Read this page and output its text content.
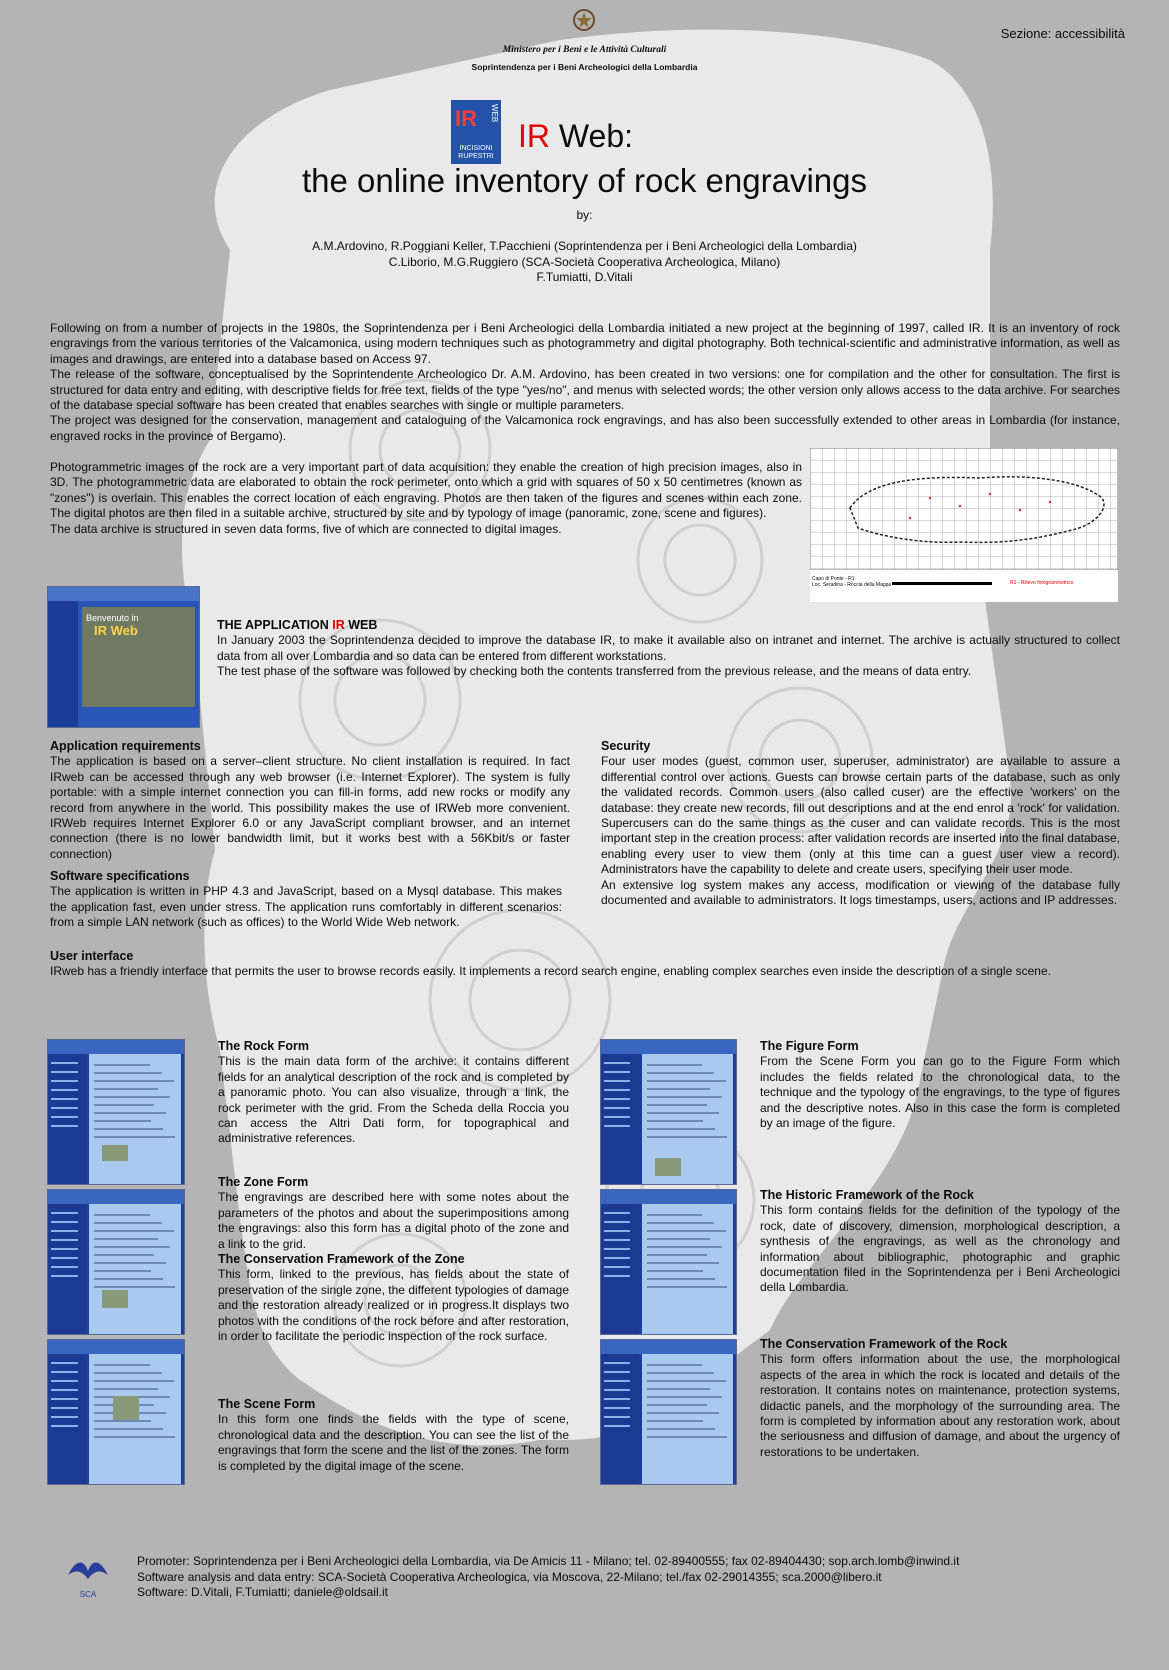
Sezione: accessibilità
Ministero per i Beni e le Attività Culturali
Soprintendenza per i Beni Archeologici della Lombardia
IR WEB
INCISIONI RUPESTRI
IR Web:
the online inventory of rock engravings
by:
A.M.Ardovino, R.Poggiani Keller, T.Pacchieni (Soprintendenza per i Beni Archeologici della Lombardia)
C.Liborio, M.G.Ruggiero (SCA-Società Cooperativa Archeologica, Milano)
F.Tumiatti, D.Vitali

Following on from a number of projects in the 1980s, the Soprintendenza per i Beni Archeologici della Lombardia initiated a new project at the beginning of 1997, called IR. It is an inventory of rock engravings from the various territories of the Valcamonica, using modern techniques such as photogrammetry and digital photography. Both technical-scientific and administrative information, as well as images and drawings, are entered into a database based on Access 97.

The release of the software, conceptualised by the Soprintendente Archeologico Dr. A.M. Ardovino, has been created in two versions: one for compilation and the other for consultation. The first is structured for data entry and editing, with descriptive fields for free text, fields of the type "yes/no", and menus with selected words; the other version only allows access to the data archive. For searches of the database special software has been created that enables searches with single or multiple parameters.

The project was designed for the conservation, management and cataloguing of the Valcamonica rock engravings, and has also been successfully extended to other areas in Lombardia (for instance, engraved rocks in the province of Bergamo).

Photogrammetric images of the rock are a very important part of data acquisition: they enable the creation of high precision images, also in 3D. The photogrammetric data are elaborated to obtain the rock perimeter, onto which a grid with squares of 50 x 50 centimetres (known as "zones") is overlain. This enables the correct location of each engraving. Photos are then taken of the figures and scenes within each zone. The digital photos are then filed in a suitable archive, structured by site and by typology of image (panoramic, zone, scene and figures).

The data archive is structured in seven data forms, five of which are connected to digital images.

Capo di Ponte - R1
Loc. Seradina - Roccia della Mappa	R1 - Rilievo fotogrammetrico
Benvenuto in
IR Web	THE APPLICATION IR WEB

In January 2003 the Soprintendenza decided to improve the database IR, to make it available also on intranet and internet. The archive is actually structured to collect data from all over Lombardia and so data can be entered from different workstations.

The test phase of the software was followed by checking both the contents transferred from the previous release, and the means of data entry.

Application requirements

The application is based on a server–client structure. No client installation is required. In fact IRweb can be accessed through any web browser (i.e. Internet Explorer). The system is fully portable: with a simple internet connection you can fill-in forms, add new rocks or modify any record from anywhere in the world. This possibility makes the use of IRWeb more convenient. IRWeb requires Internet Explorer 6.0 or any JavaScript compliant browser, and an internet connection (there is no lower bandwidth limit, but it works best with a 56Kbit/s or faster connection)

Software specifications

The application is written in PHP 4.3 and JavaScript, based on a Mysql database. This makes the application fast, even under stress. The application runs comfortably in different scenarios: from a simple LAN network (such as offices) to the World Wide Web network.

Security

Four user modes (guest, common user, superuser, administrator) are available to assure a differential control over actions. Guests can browse certain parts of the database, such as only the validated records. Common users (also called cuser) are the effective 'workers' on the database: they create new records, fill out descriptions and at the end enrol a 'rock' for validation. Supercusers can do the same things as the cuser and can validate records. This is the most important step in the creation process: after validation records are inserted into the final database, enabling every user to view them (only at this time can a guest user view a record). Administrators have the capability to delete and create users, specifying their user mode.

An extensive log system makes any access, modification or viewing of the database fully documented and available to administrators. It logs timestamps, users, actions and IP addresses.

User interface

IRweb has a friendly interface that permits the user to browse records easily. It implements a record search engine, enabling complex searches even inside the description of a single scene.

The Rock Form

This is the main data form of the archive: it contains different fields for an analytical description of the rock and is completed by a panoramic photo. You can also visualize, through a link, the rock perimeter with the grid. From the Scheda della Roccia you can access the Altri Dati form, for topographical and administrative references.

The Zone Form

The engravings are described here with some notes about the parameters of the photos and about the superimpositions among the engravings: also this form has a digital photo of the zone and a link to the grid.

The Conservation Framework of the Zone

This form, linked to the previous, has fields about the state of preservation of the single zone, the different typologies of damage and the restoration already realized or in progress.It displays two photos with the conditions of the rock before and after restoration, in order to facilitate the periodic inspection of the rock surface.

The Scene Form

In this form one finds the fields with the type of scene, chronological data and the description. You can see the list of the engravings that form the scene and the list of the zones. The form is completed by the digital image of the scene.

The Figure Form

From the Scene Form you can go to the Figure Form which includes the fields related to the chronological data, to the technique and the typology of the engravings, to the type of figures and the descriptive notes. Also in this case the form is completed by an image of the figure.

The Historic Framework of the Rock

This form contains fields for the definition of the typology of the rock, date of discovery, dimension, morphological description, a synthesis of the engravings, as well as the chronology and information about bibliographic, photographic and graphic documentation filed in the Soprintendenza per i Beni Archeologici della Lombardia.

The Conservation Framework of the Rock

This form offers information about the use, the morphological aspects of the area in which the rock is located and details of the restoration. It contains notes on maintenance, protection systems, didactic panels, and the morphology of the surrounding area. The form is completed by information about any restoration work, about the seriousness and diffusion of damage, and about the urgency of restorations to be undertaken.

SCA
Promoter: Soprintendenza per i Beni Archeologici della Lombardia, via De Amicis 11 - Milano; tel. 02-89400555; fax 02-89404430; sop.arch.lomb@inwind.it
Software analysis and data entry: SCA-Società Cooperativa Archeologica, via Moscova, 22-Milano; tel./fax 02-29014355; sca.2000@libero.it
Software: D.Vitali, F.Tumiatti; daniele@oldsail.it
